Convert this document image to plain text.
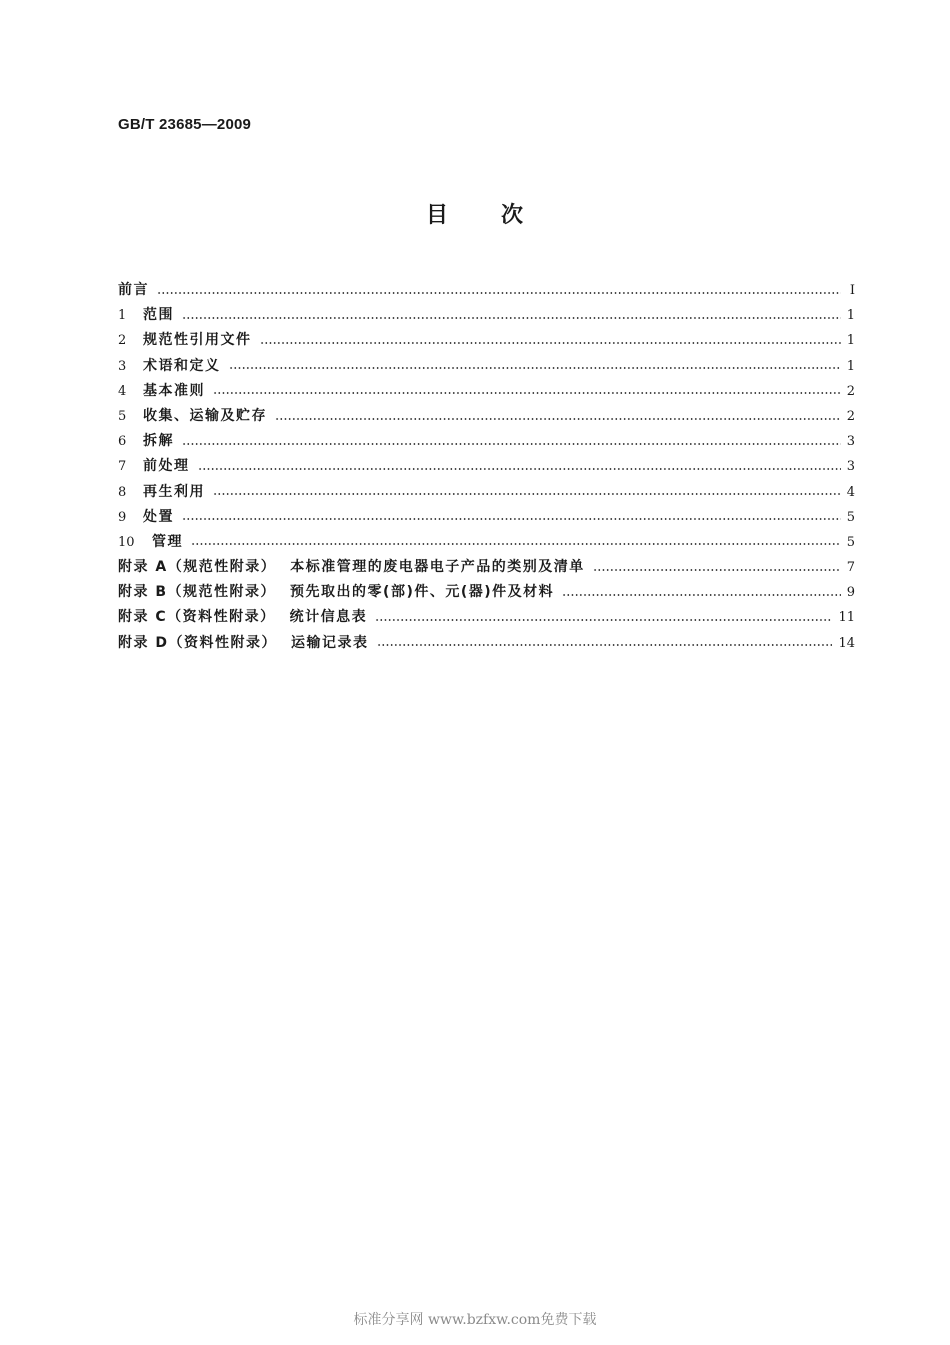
GB/T 23685—2009
目 次
前言	Ⅰ
1	范围	1
2	规范性引用文件	1
3	术语和定义	1
4	基本准则	2
5	收集、运输及贮存	2
6	拆解	3
7	前处理	3
8	再生利用	4
9	处置	5
10	管理	5
附录 A（规范性附录） 本标准管理的废电器电子产品的类别及清单	7
附录 B（规范性附录） 预先取出的零(部)件、元(器)件及材料	9
附录 C（资料性附录） 统计信息表	11
附录 D（资料性附录） 运输记录表	14
标准分享网 www.bzfxw.com免费下载
